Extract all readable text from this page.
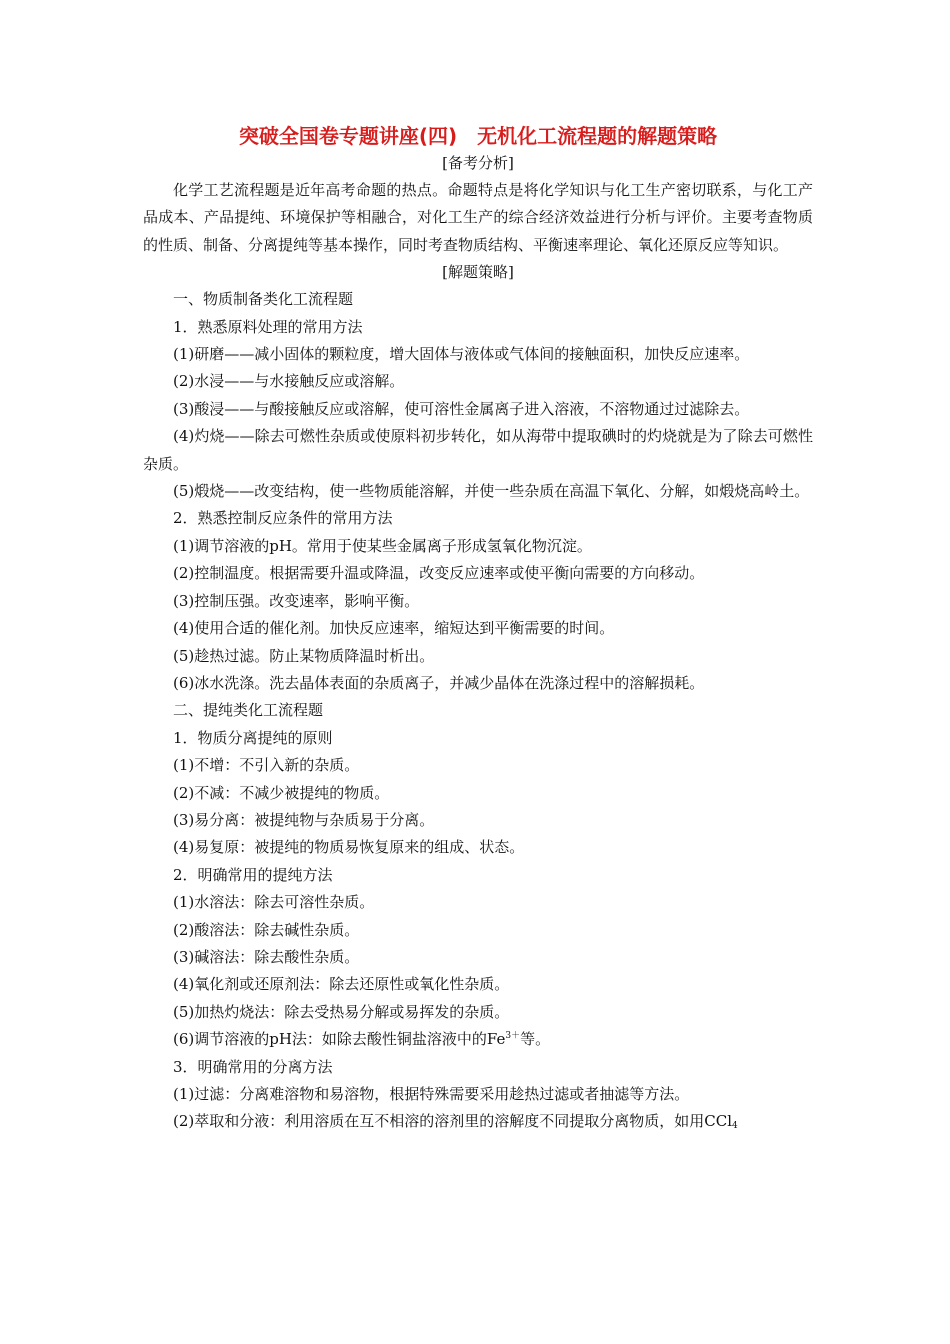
突破全国卷专题讲座(四)　无机化工流程题的解题策略

[备考分析]

化学工艺流程题是近年高考命题的热点。命题特点是将化学知识与化工生产密切联系，与化工产品成本、产品提纯、环境保护等相融合，对化工生产的综合经济效益进行分析与评价。主要考查物质的性质、制备、分离提纯等基本操作，同时考查物质结构、平衡速率理论、氧化还原反应等知识。

[解题策略]

一、物质制备类化工流程题

1．熟悉原料处理的常用方法

(1)研磨——减小固体的颗粒度，增大固体与液体或气体间的接触面积，加快反应速率。

(2)水浸——与水接触反应或溶解。

(3)酸浸——与酸接触反应或溶解，使可溶性金属离子进入溶液，不溶物通过过滤除去。

(4)灼烧——除去可燃性杂质或使原料初步转化，如从海带中提取碘时的灼烧就是为了除去可燃性杂质。

(5)煅烧——改变结构，使一些物质能溶解，并使一些杂质在高温下氧化、分解，如煅烧高岭土。

2．熟悉控制反应条件的常用方法

(1)调节溶液的pH。常用于使某些金属离子形成氢氧化物沉淀。

(2)控制温度。根据需要升温或降温，改变反应速率或使平衡向需要的方向移动。

(3)控制压强。改变速率，影响平衡。

(4)使用合适的催化剂。加快反应速率，缩短达到平衡需要的时间。

(5)趁热过滤。防止某物质降温时析出。

(6)冰水洗涤。洗去晶体表面的杂质离子，并减少晶体在洗涤过程中的溶解损耗。

二、提纯类化工流程题

1．物质分离提纯的原则

(1)不增：不引入新的杂质。

(2)不减：不减少被提纯的物质。

(3)易分离：被提纯物与杂质易于分离。

(4)易复原：被提纯的物质易恢复原来的组成、状态。

2．明确常用的提纯方法

(1)水溶法：除去可溶性杂质。

(2)酸溶法：除去碱性杂质。

(3)碱溶法：除去酸性杂质。

(4)氧化剂或还原剂法：除去还原性或氧化性杂质。

(5)加热灼烧法：除去受热易分解或易挥发的杂质。

(6)调节溶液的pH法：如除去酸性铜盐溶液中的$Fe^{3+}$等。

3．明确常用的分离方法

(1)过滤：分离难溶物和易溶物，根据特殊需要采用趁热过滤或者抽滤等方法。

(2)萃取和分液：利用溶质在互不相溶的溶剂里的溶解度不同提取分离物质，如用CCl$_4$
